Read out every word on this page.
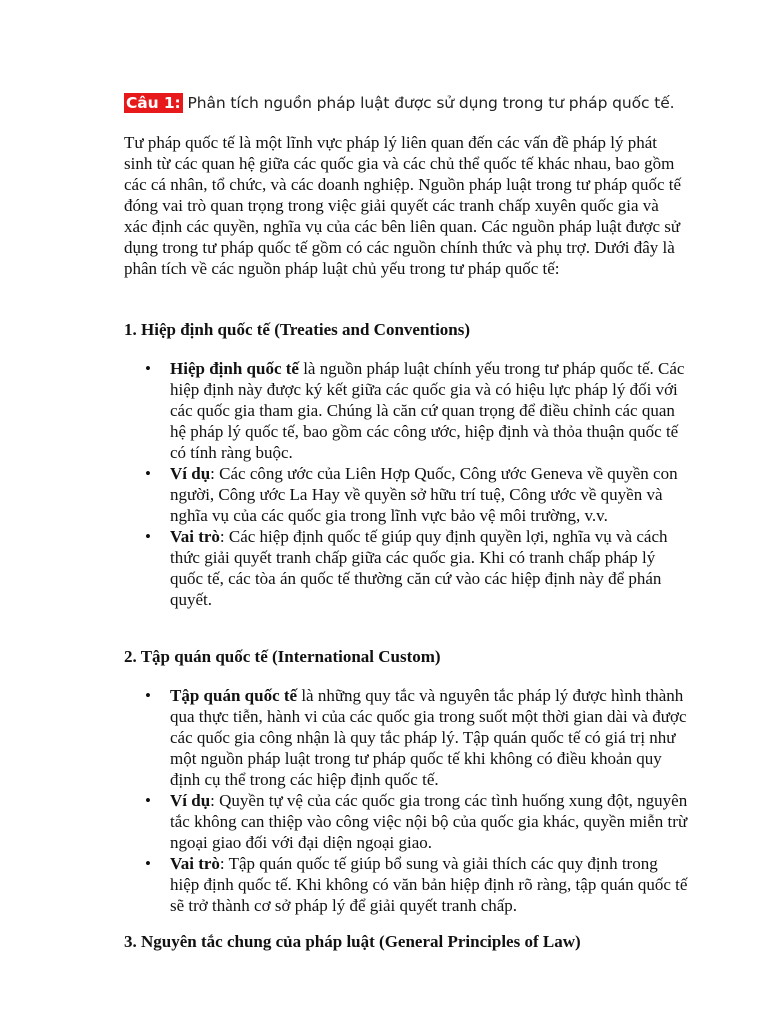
Câu 1: Phân tích nguồn pháp luật được sử dụng trong tư pháp quốc tế.

Tư pháp quốc tế là một lĩnh vực pháp lý liên quan đến các vấn đề pháp lý phát sinh từ các quan hệ giữa các quốc gia và các chủ thể quốc tế khác nhau, bao gồm các cá nhân, tổ chức, và các doanh nghiệp. Nguồn pháp luật trong tư pháp quốc tế đóng vai trò quan trọng trong việc giải quyết các tranh chấp xuyên quốc gia và xác định các quyền, nghĩa vụ của các bên liên quan. Các nguồn pháp luật được sử dụng trong tư pháp quốc tế gồm có các nguồn chính thức và phụ trợ. Dưới đây là phân tích về các nguồn pháp luật chủ yếu trong tư pháp quốc tế:

1. Hiệp định quốc tế (Treaties and Conventions)
• Hiệp định quốc tế là nguồn pháp luật chính yếu trong tư pháp quốc tế. Các hiệp định này được ký kết giữa các quốc gia và có hiệu lực pháp lý đối với các quốc gia tham gia. Chúng là căn cứ quan trọng để điều chỉnh các quan hệ pháp lý quốc tế, bao gồm các công ước, hiệp định và thỏa thuận quốc tế có tính ràng buộc.
• Ví dụ: Các công ước của Liên Hợp Quốc, Công ước Geneva về quyền con người, Công ước La Hay về quyền sở hữu trí tuệ, Công ước về quyền và nghĩa vụ của các quốc gia trong lĩnh vực bảo vệ môi trường, v.v.
• Vai trò: Các hiệp định quốc tế giúp quy định quyền lợi, nghĩa vụ và cách thức giải quyết tranh chấp giữa các quốc gia. Khi có tranh chấp pháp lý quốc tế, các tòa án quốc tế thường căn cứ vào các hiệp định này để phán quyết.
2. Tập quán quốc tế (International Custom)
• Tập quán quốc tế là những quy tắc và nguyên tắc pháp lý được hình thành qua thực tiễn, hành vi của các quốc gia trong suốt một thời gian dài và được các quốc gia công nhận là quy tắc pháp lý. Tập quán quốc tế có giá trị như một nguồn pháp luật trong tư pháp quốc tế khi không có điều khoản quy định cụ thể trong các hiệp định quốc tế.
• Ví dụ: Quyền tự vệ của các quốc gia trong các tình huống xung đột, nguyên tắc không can thiệp vào công việc nội bộ của quốc gia khác, quyền miễn trừ ngoại giao đối với đại diện ngoại giao.
• Vai trò: Tập quán quốc tế giúp bổ sung và giải thích các quy định trong hiệp định quốc tế. Khi không có văn bản hiệp định rõ ràng, tập quán quốc tế sẽ trở thành cơ sở pháp lý để giải quyết tranh chấp.
3. Nguyên tắc chung của pháp luật (General Principles of Law)
